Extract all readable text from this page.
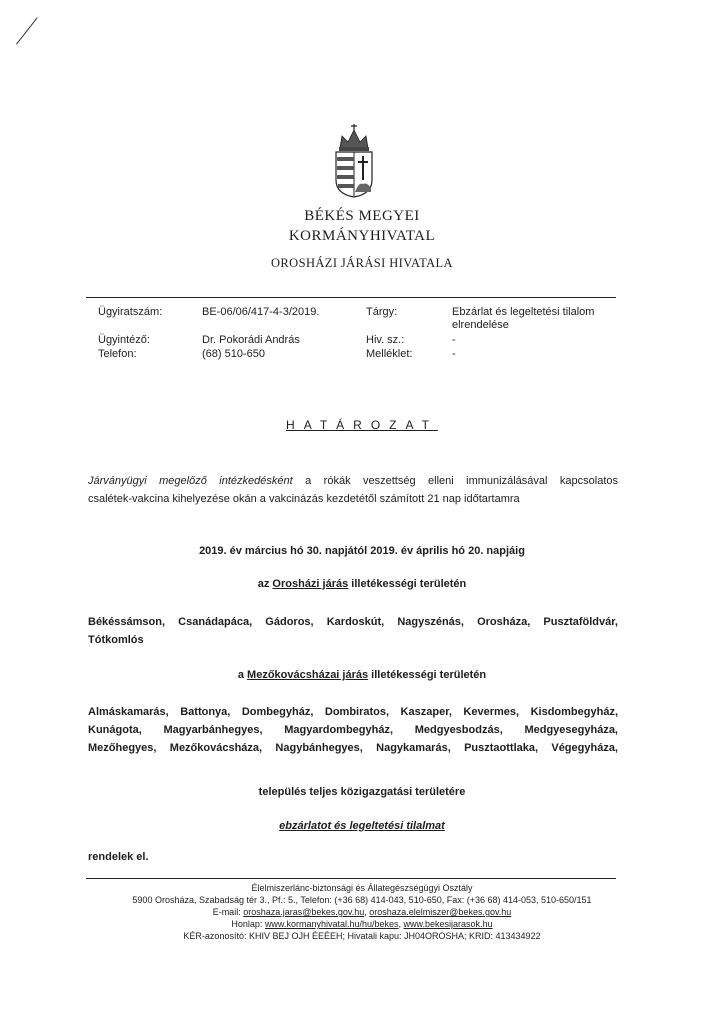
BÉKÉS MEGYEI
KORMÁNYHIVATAL
OROSHÁZI JÁRÁSI HIVATALA
Ügyiratszám:	BE-06/06/417-4-3/2019.	Tárgy:	Ebzárlat és legeltetési tilalom
elrendelése
Ügyintéző:	Dr. Pokorádi András	Hiv. sz.:	-
Telefon:	(68) 510-650	Melléklet:	-
HATÁROZAT
Járványügyi megelőző intézkedésként a rókák veszettség elleni immunizálásával kapcsolatos
csalétek-vakcina kihelyezése okán a vakcinázás kezdetétől számított 21 nap időtartamra
2019. év március hó 30. napjától 2019. év április hó 20. napjáig
az Orosházi járás illetékességi területén
Békéssámson, Csanádapáca, Gádoros, Kardoskút, Nagyszénás, Orosháza, Pusztaföldvár,
Tótkomlós
a Mezőkovácsházai járás illetékességi területén
Almáskamarás, Battonya, Dombegyház, Dombiratos, Kaszaper, Kevermes, Kisdombegyház,
Kunágota, Magyarbánhegyes, Magyardombegyház, Medgyesbodzás, Medgyesegyháza,
Mezőhegyes, Mezőkovácsháza, Nagybánhegyes, Nagykamarás, Pusztaottlaka, Végegyháza,
település teljes közigazgatási területére
ebzárlatot és legeltetési tilalmat
rendelek el.
Élelmiszerlánc-biztonsági és Állategészségügyi Osztály
5900 Orosháza, Szabadság tér 3., Pf.: 5., Telefon: (+36 68) 414-043, 510-650, Fax: (+36 68) 414-053, 510-650/151
E-mail: oroshaza.jaras@bekes.gov.hu, oroshaza.elelmiszer@bekes.gov.hu
Honlap: www.kormanyhivatal.hu/hu/bekes, www.bekesijarasok.hu
KÉR-azonosító: KHIV BEJ OJH ÉEÉEH; Hivatali kapu: JH04OROSHA; KRID: 413434922
